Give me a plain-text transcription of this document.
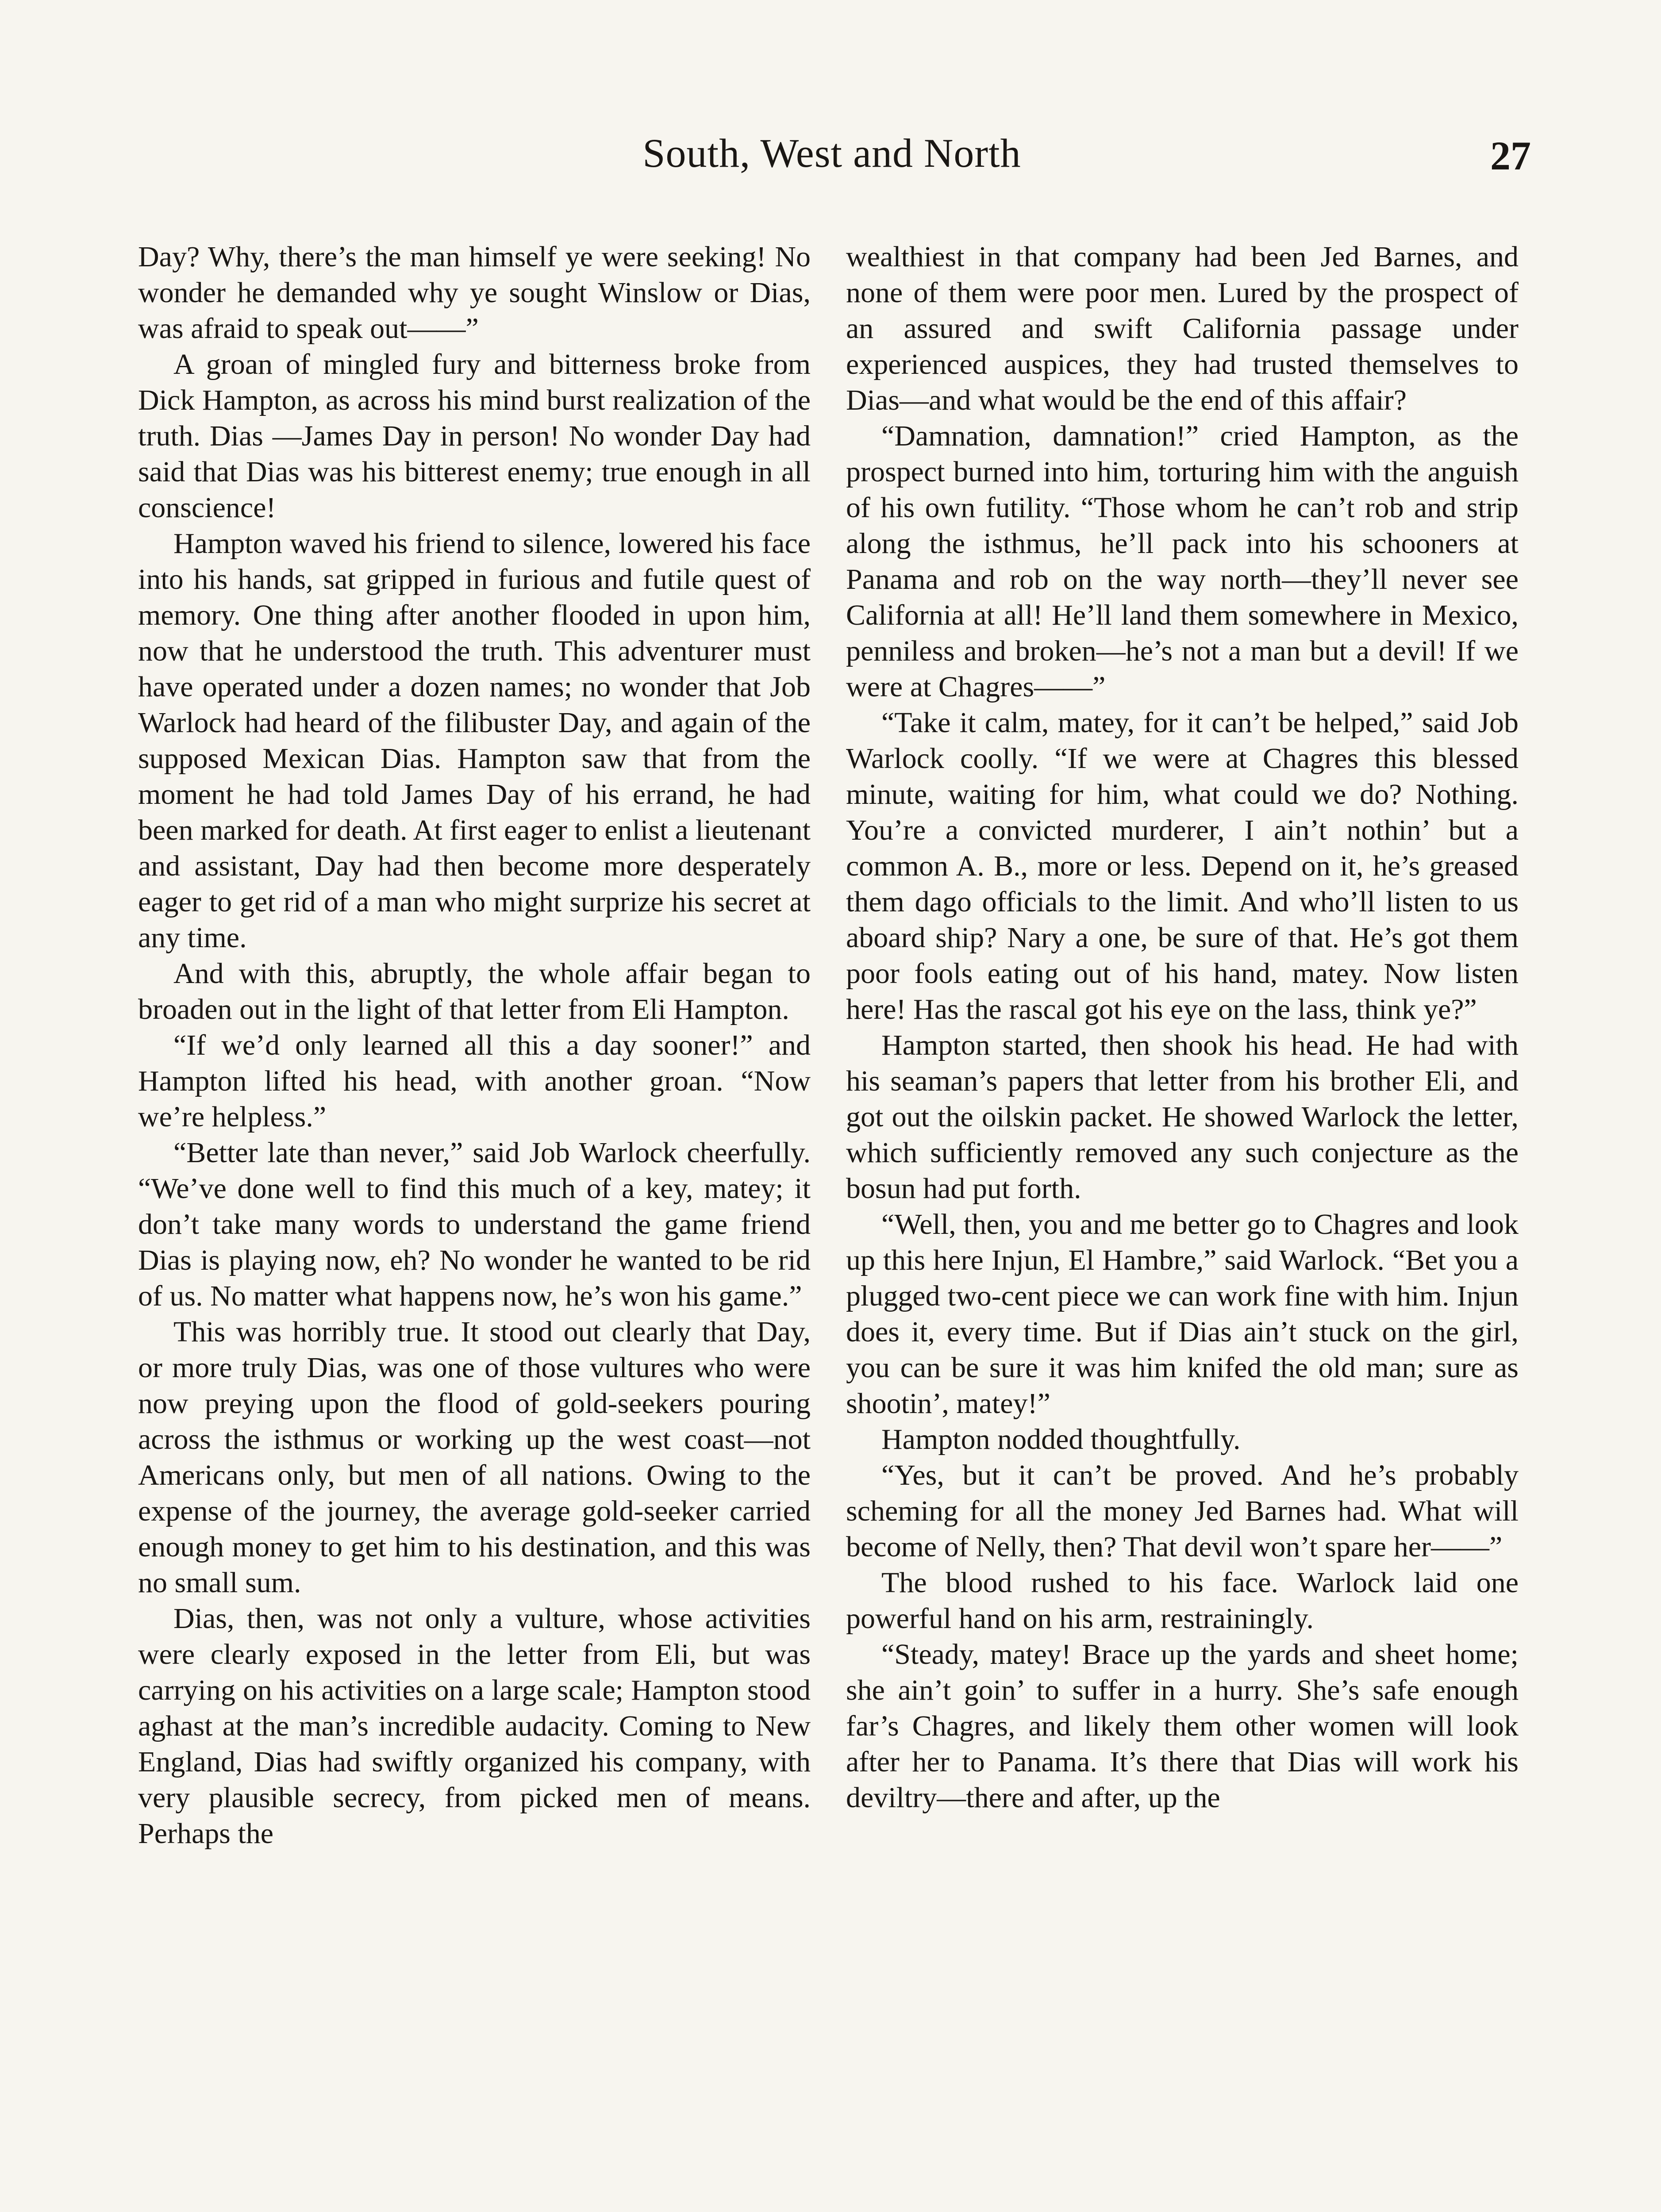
South, West and North	27

Day? Why, there’s the man himself ye were seeking! No wonder he demanded why ye sought Winslow or Dias, was afraid to speak out——”

A groan of mingled fury and bitterness broke from Dick Hampton, as across his mind burst realization of the truth. Dias —James Day in person! No wonder Day had said that Dias was his bitterest enemy; true enough in all conscience!

Hampton waved his friend to silence, lowered his face into his hands, sat gripped in furious and futile quest of memory. One thing after another flooded in upon him, now that he understood the truth. This adventurer must have operated under a dozen names; no wonder that Job Warlock had heard of the filibuster Day, and again of the supposed Mexican Dias. Hampton saw that from the moment he had told James Day of his errand, he had been marked for death. At first eager to enlist a lieutenant and assistant, Day had then become more desperately eager to get rid of a man who might surprize his secret at any time.

And with this, abruptly, the whole affair began to broaden out in the light of that letter from Eli Hampton.

“If we’d only learned all this a day sooner!” and Hampton lifted his head, with another groan. “Now we’re helpless.”

“Better late than never,” said Job Warlock cheerfully. “We’ve done well to find this much of a key, matey; it don’t take many words to understand the game friend Dias is playing now, eh? No wonder he wanted to be rid of us. No matter what happens now, he’s won his game.”

This was horribly true. It stood out clearly that Day, or more truly Dias, was one of those vultures who were now preying upon the flood of gold-seekers pouring across the isthmus or working up the west coast—not Americans only, but men of all nations. Owing to the expense of the journey, the average gold-seeker carried enough money to get him to his destination, and this was no small sum.

Dias, then, was not only a vulture, whose activities were clearly exposed in the letter from Eli, but was carrying on his activities on a large scale; Hampton stood aghast at the man’s incredible audacity. Coming to New England, Dias had swiftly organized his company, with very plausible secrecy, from picked men of means. Perhaps the

wealthiest in that company had been Jed Barnes, and none of them were poor men. Lured by the prospect of an assured and swift California passage under experienced auspices, they had trusted themselves to Dias—and what would be the end of this affair?

“Damnation, damnation!” cried Hampton, as the prospect burned into him, torturing him with the anguish of his own futility. “Those whom he can’t rob and strip along the isthmus, he’ll pack into his schooners at Panama and rob on the way north—they’ll never see California at all! He’ll land them somewhere in Mexico, penniless and broken—he’s not a man but a devil! If we were at Chagres——”

“Take it calm, matey, for it can’t be helped,” said Job Warlock coolly. “If we were at Chagres this blessed minute, waiting for him, what could we do? Nothing. You’re a convicted murderer, I ain’t nothin’ but a common A. B., more or less. Depend on it, he’s greased them dago officials to the limit. And who’ll listen to us aboard ship? Nary a one, be sure of that. He’s got them poor fools eating out of his hand, matey. Now listen here! Has the rascal got his eye on the lass, think ye?”

Hampton started, then shook his head. He had with his seaman’s papers that letter from his brother Eli, and got out the oilskin packet. He showed Warlock the letter, which sufficiently removed any such conjecture as the bosun had put forth.

“Well, then, you and me better go to Chagres and look up this here Injun, El Hambre,” said Warlock. “Bet you a plugged two-cent piece we can work fine with him. Injun does it, every time. But if Dias ain’t stuck on the girl, you can be sure it was him knifed the old man; sure as shootin’, matey!”

Hampton nodded thoughtfully.

“Yes, but it can’t be proved. And he’s probably scheming for all the money Jed Barnes had. What will become of Nelly, then? That devil won’t spare her——”

The blood rushed to his face. Warlock laid one powerful hand on his arm, restrainingly.

“Steady, matey! Brace up the yards and sheet home; she ain’t goin’ to suffer in a hurry. She’s safe enough far’s Chagres, and likely them other women will look after her to Panama. It’s there that Dias will work his deviltry—there and after, up the
